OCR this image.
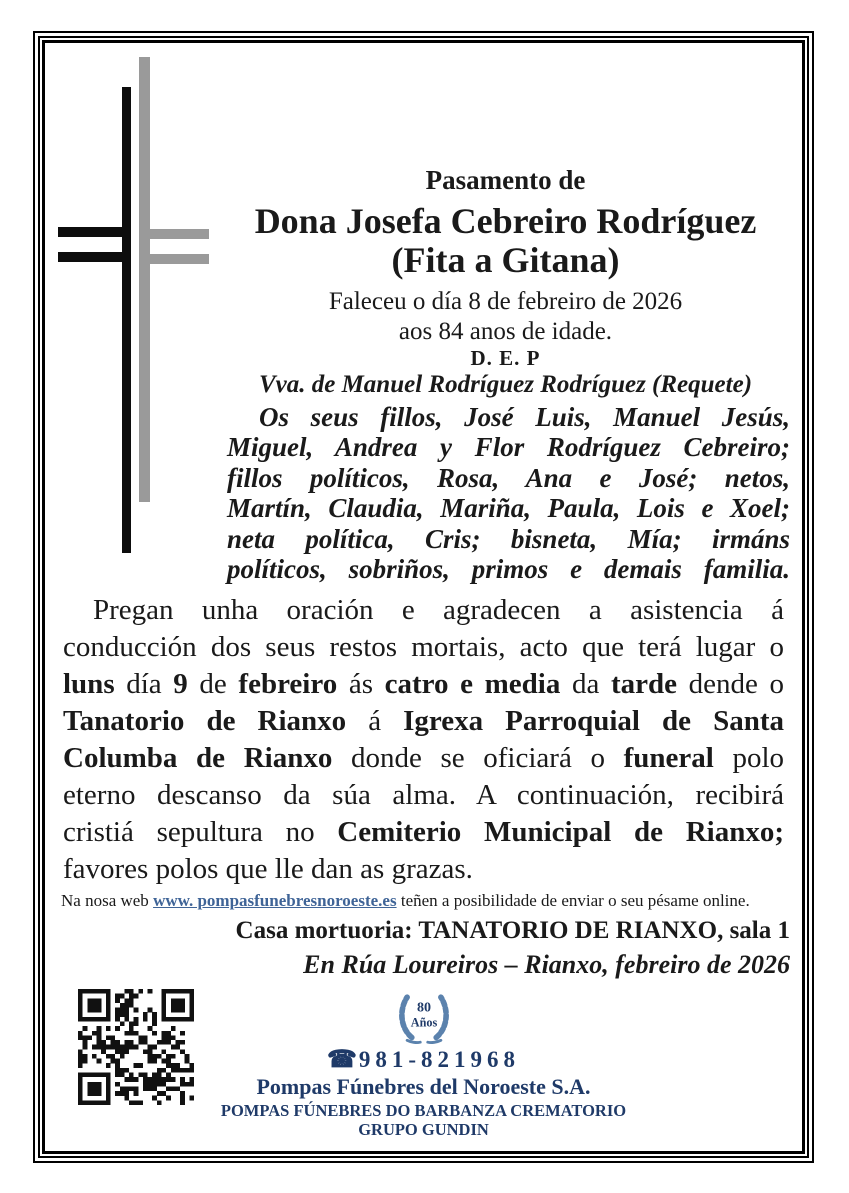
Pasamento de
Dona Josefa Cebreiro Rodríguez
(Fita a Gitana)
Faleceu o día 8 de febreiro de 2026
aos 84 anos de idade.
D. E. P
Vva. de Manuel Rodríguez Rodríguez (Requete)
Os seus fillos, José Luis, Manuel Jesús,
Miguel, Andrea y Flor Rodríguez Cebreiro;
fillos políticos, Rosa, Ana e José; netos,
Martín, Claudia, Mariña, Paula, Lois e Xoel;
neta política, Cris; bisneta, Mía; irmáns
políticos, sobriños, primos e demais familia.
Pregan unha oración e agradecen a asistencia á
conducción dos seus restos mortais, acto que terá lugar o
luns día 9 de febreiro ás catro e media da tarde dende o
Tanatorio de Rianxo á Igrexa Parroquial de Santa
Columba de Rianxo donde se oficiará o funeral polo
eterno descanso da súa alma. A continuación, recibirá
cristiá sepultura no Cemiterio Municipal de Rianxo;
favores polos que lle dan as grazas.
Na nosa web www. pompasfunebresnoroeste.es teñen a posibilidade de enviar o seu pésame online.
Casa mortuoria: TANATORIO DE RIANXO, sala 1
En Rúa Loureiros – Rianxo, febreiro de 2026
80
Años
☎981-821968
Pompas Fúnebres del Noroeste S.A.
POMPAS FÚNEBRES DO BARBANZA CREMATORIO
GRUPO GUNDIN
